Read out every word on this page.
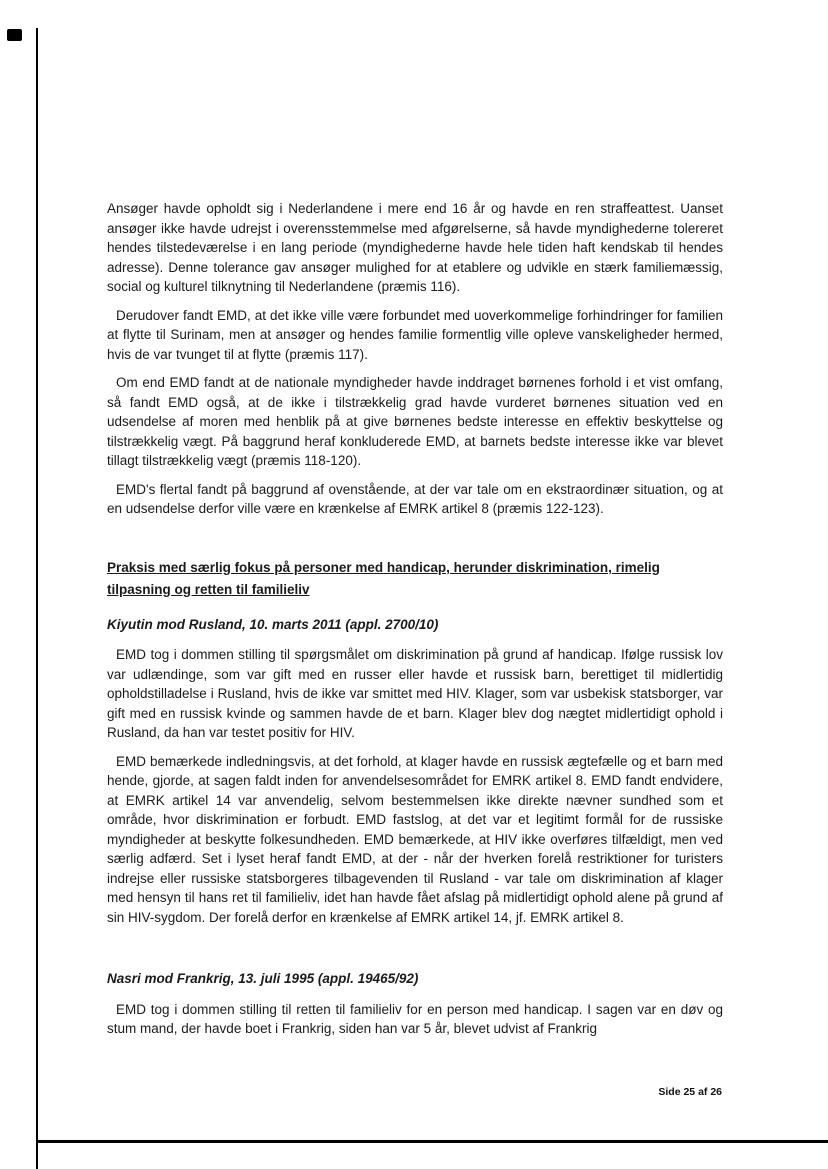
Ansøger havde opholdt sig i Nederlandene i mere end 16 år og havde en ren straffeattest. Uanset ansøger ikke havde udrejst i overensstemmelse med afgørelserne, så havde myndighederne tolereret hendes tilstedeværelse i en lang periode (myndighederne havde hele tiden haft kendskab til hendes adresse). Denne tolerance gav ansøger mulighed for at etablere og udvikle en stærk familiemæssig, social og kulturel tilknytning til Nederlandene (præmis 116).

Derudover fandt EMD, at det ikke ville være forbundet med uoverkommelige forhindringer for familien at flytte til Surinam, men at ansøger og hendes familie formentlig ville opleve vanskeligheder hermed, hvis de var tvunget til at flytte (præmis 117).

Om end EMD fandt at de nationale myndigheder havde inddraget børnenes forhold i et vist omfang, så fandt EMD også, at de ikke i tilstrækkelig grad havde vurderet børnenes situation ved en udsendelse af moren med henblik på at give børnenes bedste interesse en effektiv beskyttelse og tilstrækkelig vægt. På baggrund heraf konkluderede EMD, at barnets bedste interesse ikke var blevet tillagt tilstrækkelig vægt (præmis 118-120).

EMD's flertal fandt på baggrund af ovenstående, at der var tale om en ekstraordinær situation, og at en udsendelse derfor ville være en krænkelse af EMRK artikel 8 (præmis 122-123).

Praksis med særlig fokus på personer med handicap, herunder diskrimination, rimelig tilpasning og retten til familieliv
Kiyutin mod Rusland, 10. marts 2011 (appl. 2700/10)

EMD tog i dommen stilling til spørgsmålet om diskrimination på grund af handicap. Ifølge russisk lov var udlændinge, som var gift med en russer eller havde et russisk barn, berettiget til midlertidig opholdstilladelse i Rusland, hvis de ikke var smittet med HIV. Klager, som var usbekisk statsborger, var gift med en russisk kvinde og sammen havde de et barn. Klager blev dog nægtet midlertidigt ophold i Rusland, da han var testet positiv for HIV.

EMD bemærkede indledningsvis, at det forhold, at klager havde en russisk ægtefælle og et barn med hende, gjorde, at sagen faldt inden for anvendelsesområdet for EMRK artikel 8. EMD fandt endvidere, at EMRK artikel 14 var anvendelig, selvom bestemmelsen ikke direkte nævner sundhed som et område, hvor diskrimination er forbudt. EMD fastslog, at det var et legitimt formål for de russiske myndigheder at beskytte folkesundheden. EMD bemærkede, at HIV ikke overføres tilfældigt, men ved særlig adfærd. Set i lyset heraf fandt EMD, at der - når der hverken forelå restriktioner for turisters indrejse eller russiske statsborgeres tilbagevenden til Rusland - var tale om diskrimination af klager med hensyn til hans ret til familieliv, idet han havde fået afslag på midlertidigt ophold alene på grund af sin HIV-sygdom. Der forelå derfor en krænkelse af EMRK artikel 14, jf. EMRK artikel 8.

Nasri mod Frankrig, 13. juli 1995 (appl. 19465/92)

EMD tog i dommen stilling til retten til familieliv for en person med handicap. I sagen var en døv og stum mand, der havde boet i Frankrig, siden han var 5 år, blevet udvist af Frankrig

Side 25 af 26
